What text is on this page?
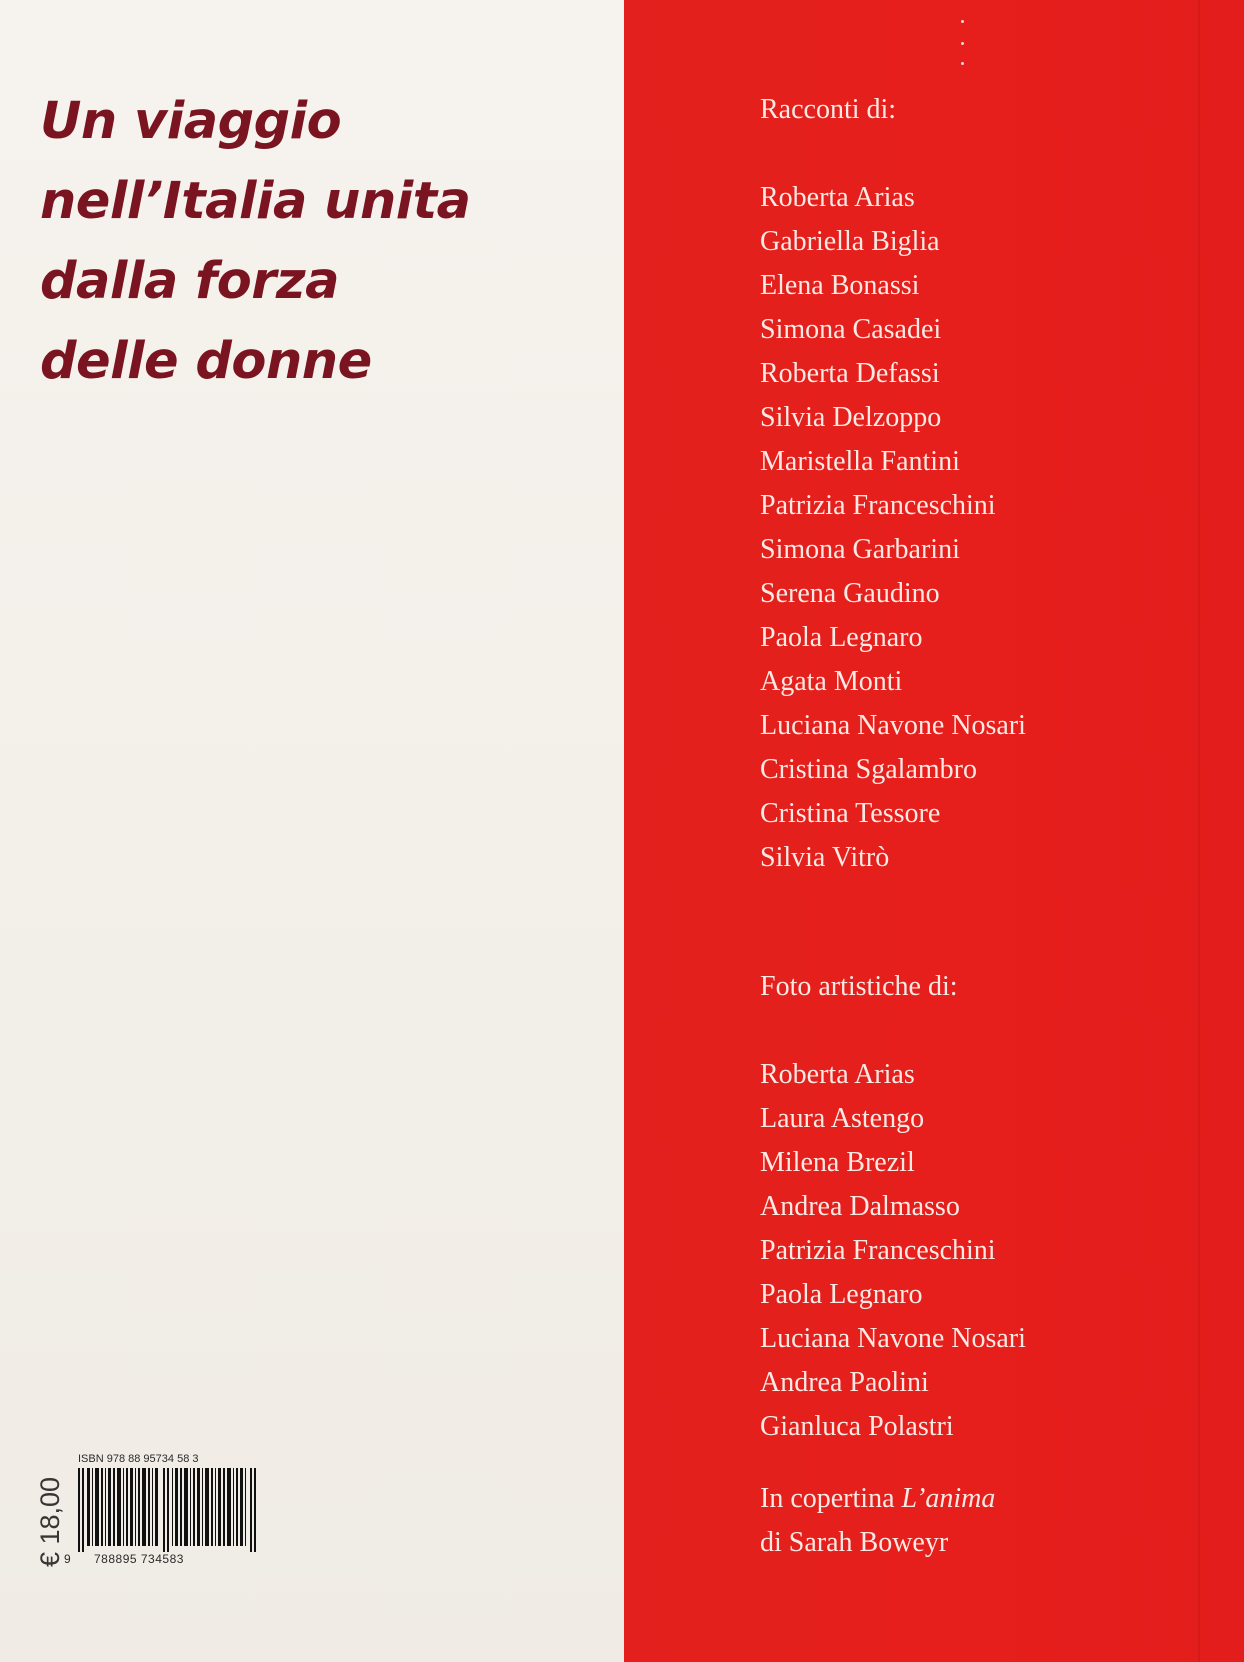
Un viaggio
nell’Italia unita
dalla forza
delle donne
€ 18,00
ISBN 978 88 95734 58 3
9 788895 734583
Racconti di:
Roberta Arias
Gabriella Biglia
Elena Bonassi
Simona Casadei
Roberta Defassi
Silvia Delzoppo
Maristella Fantini
Patrizia Franceschini
Simona Garbarini
Serena Gaudino
Paola Legnaro
Agata Monti
Luciana Navone Nosari
Cristina Sgalambro
Cristina Tessore
Silvia Vitrò
Foto artistiche di:
Roberta Arias
Laura Astengo
Milena Brezil
Andrea Dalmasso
Patrizia Franceschini
Paola Legnaro
Luciana Navone Nosari
Andrea Paolini
Gianluca Polastri
In copertina L’anima
di Sarah Boweyr
